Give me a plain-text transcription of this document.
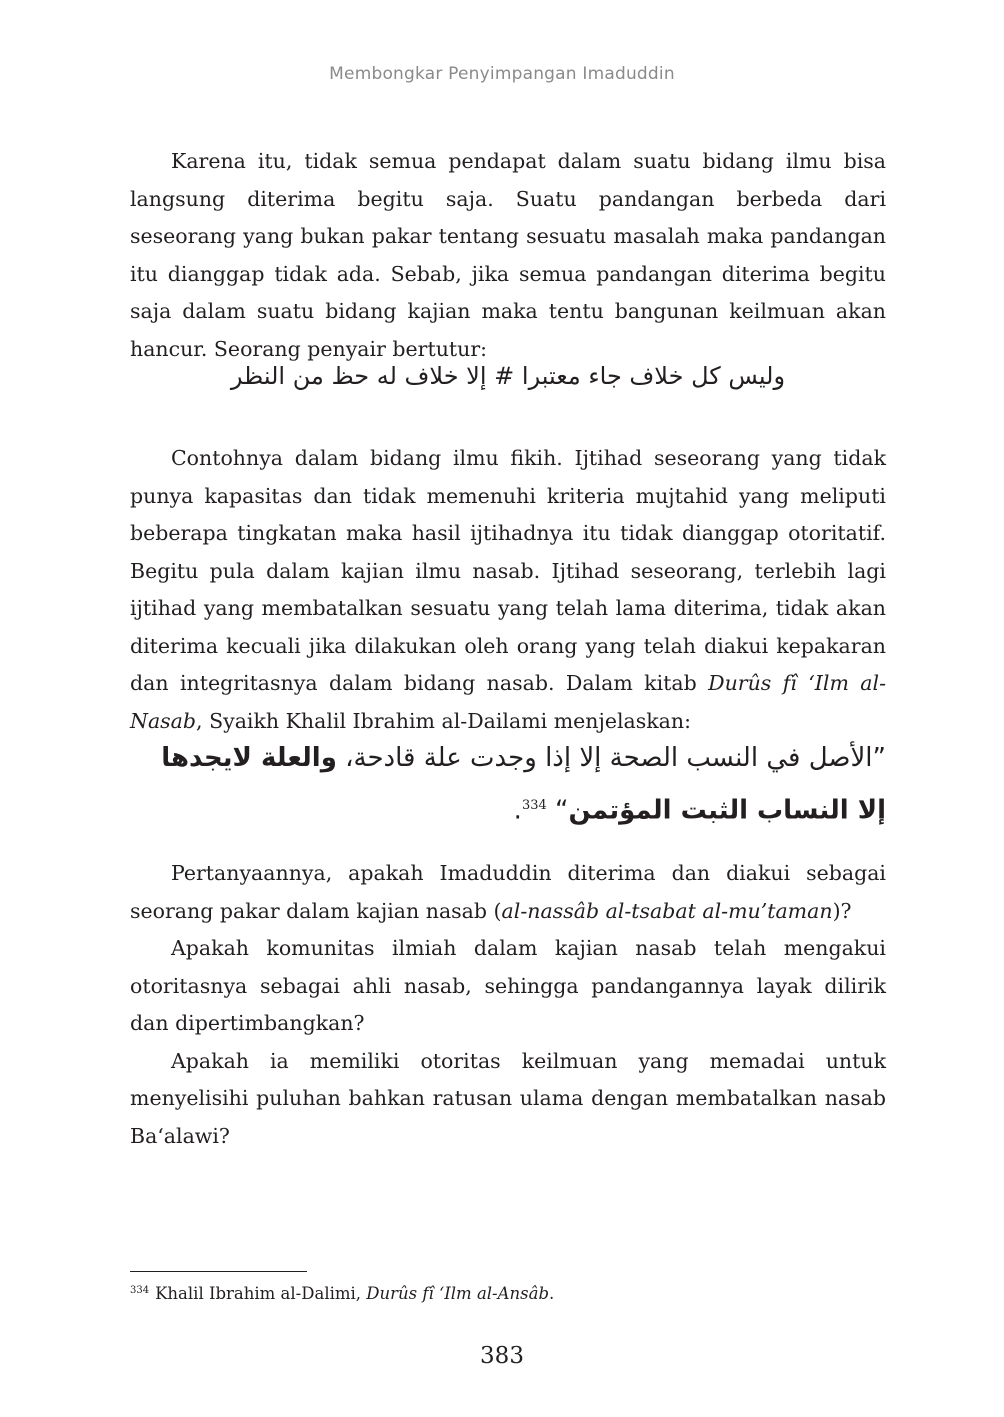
Membongkar Penyimpangan Imaduddin

Karena itu, tidak semua pendapat dalam suatu bidang ilmu bisa langsung diterima begitu saja. Suatu pandangan berbeda dari seseorang yang bukan pakar tentang sesuatu masalah maka pandangan itu dianggap tidak ada. Sebab, jika semua pandangan diterima begitu saja dalam suatu bidang kajian maka tentu bangunan keilmuan akan hancur. Seorang penyair bertutur:

وليس كل خلاف جاء معتبرا # إلا خلاف له حظ من النظر

Contohnya dalam bidang ilmu fikih. Ijtihad seseorang yang tidak punya kapasitas dan tidak memenuhi kriteria mujtahid yang meliputi beberapa tingkatan maka hasil ijtihadnya itu tidak dianggap otoritatif. Begitu pula dalam kajian ilmu nasab. Ijtihad seseorang, terlebih lagi ijtihad yang membatalkan sesuatu yang telah lama diterima, tidak akan diterima kecuali jika dilakukan oleh orang yang telah diakui kepakaran dan integritasnya dalam bidang nasab. Dalam kitab Durûs fî ‘Ilm al-Nasab, Syaikh Khalil Ibrahim al-Dailami menjelaskan:

”الأصل في النسب الصحة إلا إذا وجدت علة قادحة، والعلة لايجدها إلا النساب الثبت المؤتمن“ $^{334}$.

Pertanyaannya, apakah Imaduddin diterima dan diakui sebagai seorang pakar dalam kajian nasab (al-nassâb al-tsabat al-mu’taman)?

Apakah komunitas ilmiah dalam kajian nasab telah mengakui otoritasnya sebagai ahli nasab, sehingga pandangannya layak dilirik dan dipertimbangkan?

Apakah ia memiliki otoritas keilmuan yang memadai untuk menyelisihi puluhan bahkan ratusan ulama dengan membatalkan nasab Ba‘alawi?

$^{334}$ Khalil Ibrahim al-Dalimi, Durûs fî ‘Ilm al-Ansâb.
383
